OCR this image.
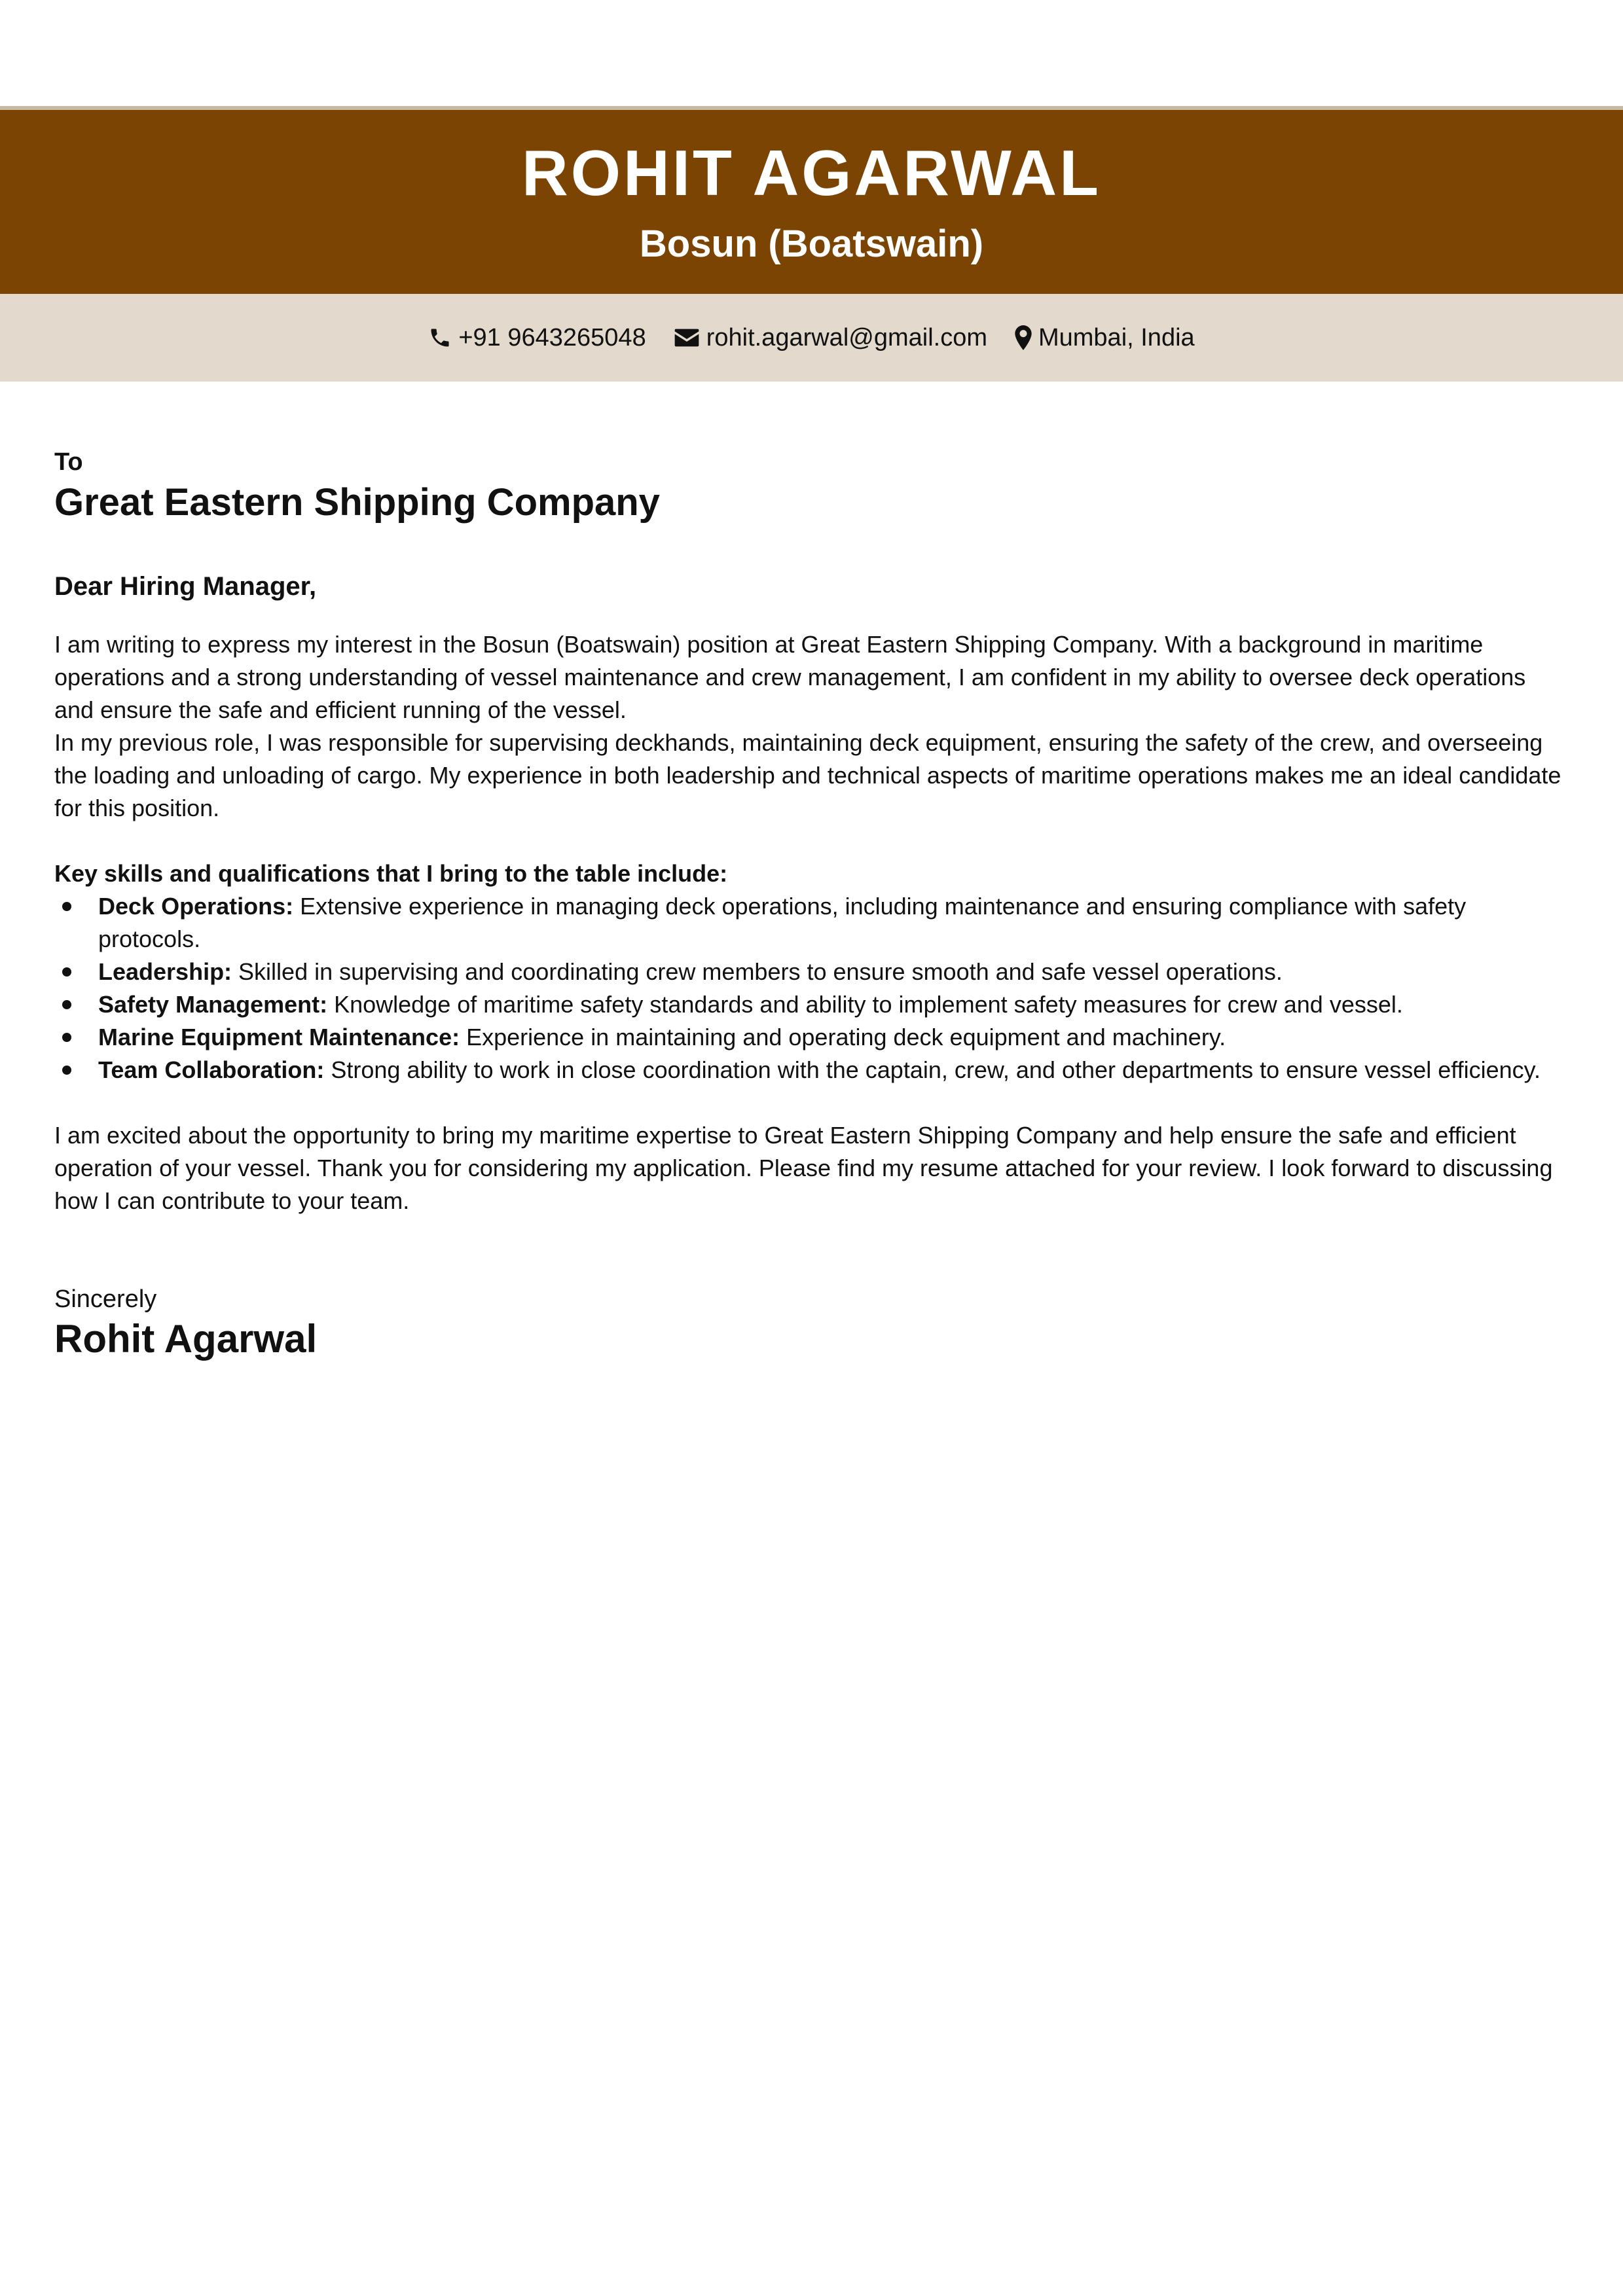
ROHIT AGARWAL
Bosun (Boatswain)
+91 9643265048 rohit.agarwal@gmail.com Mumbai, India
To
Great Eastern Shipping Company
Dear Hiring Manager,

I am writing to express my interest in the Bosun (Boatswain) position at Great Eastern Shipping Company. With a background in maritime operations and a strong understanding of vessel maintenance and crew management, I am confident in my ability to oversee deck operations and ensure the safe and efficient running of the vessel.

In my previous role, I was responsible for supervising deckhands, maintaining deck equipment, ensuring the safety of the crew, and overseeing the loading and unloading of cargo. My experience in both leadership and technical aspects of maritime operations makes me an ideal candidate for this position.

Key skills and qualifications that I bring to the table include:
Deck Operations: Extensive experience in managing deck operations, including maintenance and ensuring compliance with safety protocols.
Leadership: Skilled in supervising and coordinating crew members to ensure smooth and safe vessel operations.
Safety Management: Knowledge of maritime safety standards and ability to implement safety measures for crew and vessel.
Marine Equipment Maintenance: Experience in maintaining and operating deck equipment and machinery.
Team Collaboration: Strong ability to work in close coordination with the captain, crew, and other departments to ensure vessel efficiency.
I am excited about the opportunity to bring my maritime expertise to Great Eastern Shipping Company and help ensure the safe and efficient operation of your vessel. Thank you for considering my application. Please find my resume attached for your review. I look forward to discussing how I can contribute to your team.
Sincerely
Rohit Agarwal
